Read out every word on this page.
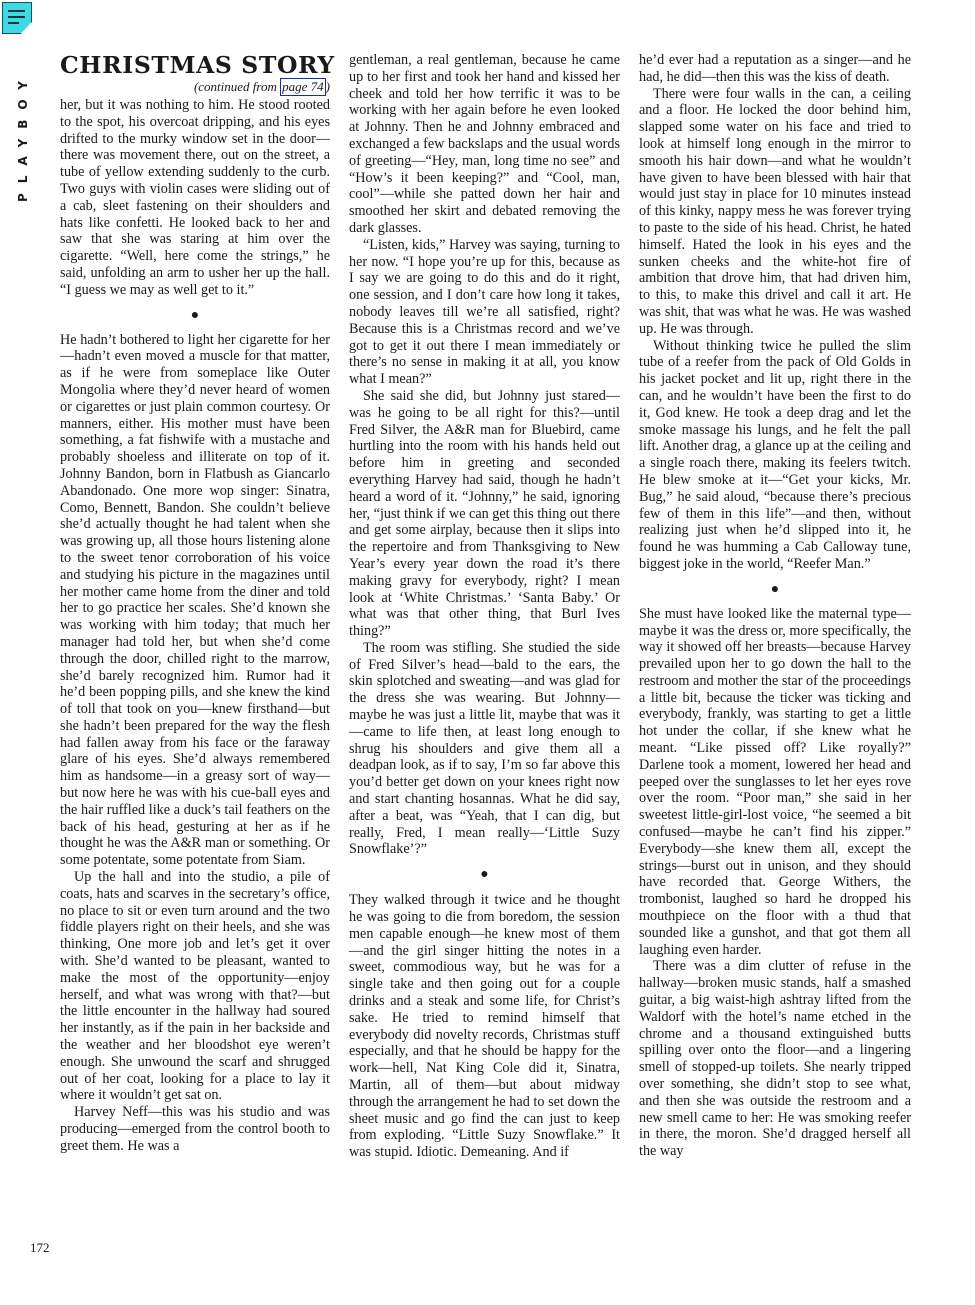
PLAYBOY
172
CHRISTMAS STORY
(continued from page 74 )

her, but it was nothing to him. He stood rooted to the spot, his overcoat dripping, and his eyes drifted to the murky window set in the door—there was movement there, out on the street, a tube of yellow extending suddenly to the curb. Two guys with violin cases were sliding out of a cab, sleet fastening on their shoulders and hats like confetti. He looked back to her and saw that she was staring at him over the cigarette. “Well, here come the strings,” he said, unfolding an arm to usher her up the hall. “I guess we may as well get to it.”

●

He hadn’t bothered to light her cigarette for her—hadn’t even moved a muscle for that matter, as if he were from someplace like Outer Mongolia where they’d never heard of women or cigarettes or just plain common courtesy. Or manners, either. His mother must have been something, a fat fishwife with a mustache and probably shoeless and illiterate on top of it. Johnny Bandon, born in Flatbush as Giancarlo Abandonado. One more wop singer: Sinatra, Como, Bennett, Bandon. She couldn’t believe she’d actually thought he had talent when she was growing up, all those hours listening alone to the sweet tenor corroboration of his voice and studying his picture in the magazines until her mother came home from the diner and told her to go practice her scales. She’d known she was working with him today; that much her manager had told her, but when she’d come through the door, chilled right to the marrow, she’d barely recognized him. Rumor had it he’d been popping pills, and she knew the kind of toll that took on you—knew firsthand—but she hadn’t been prepared for the way the flesh had fallen away from his face or the faraway glare of his eyes. She’d always remembered him as handsome—in a greasy sort of way—but now here he was with his cue-ball eyes and the hair ruffled like a duck’s tail feathers on the back of his head, gesturing at her as if he thought he was the A&R man or something. Or some potentate, some potentate from Siam.

Up the hall and into the studio, a pile of coats, hats and scarves in the secretary’s office, no place to sit or even turn around and the two fiddle players right on their heels, and she was thinking, One more job and let’s get it over with. She’d wanted to be pleasant, wanted to make the most of the opportunity—enjoy herself, and what was wrong with that?—but the little encounter in the hallway had soured her instantly, as if the pain in her backside and the weather and her bloodshot eye weren’t enough. She unwound the scarf and shrugged out of her coat, looking for a place to lay it where it wouldn’t get sat on.

Harvey Neff—this was his studio and was producing—emerged from the control booth to greet them. He was a

gentleman, a real gentleman, because he came up to her first and took her hand and kissed her cheek and told her how terrific it was to be working with her again before he even looked at Johnny. Then he and Johnny embraced and exchanged a few backslaps and the usual words of greeting—“Hey, man, long time no see” and “How’s it been keeping?” and “Cool, man, cool”—while she patted down her hair and smoothed her skirt and debated removing the dark glasses.

“Listen, kids,” Harvey was saying, turning to her now. “I hope you’re up for this, because as I say we are going to do this and do it right, one session, and I don’t care how long it takes, nobody leaves till we’re all satisfied, right? Because this is a Christmas record and we’ve got to get it out there I mean immediately or there’s no sense in making it at all, you know what I mean?”

She said she did, but Johnny just stared—was he going to be all right for this?—until Fred Silver, the A&R man for Bluebird, came hurtling into the room with his hands held out before him in greeting and seconded everything Harvey had said, though he hadn’t heard a word of it. “Johnny,” he said, ignoring her, “just think if we can get this thing out there and get some airplay, because then it slips into the repertoire and from Thanksgiving to New Year’s every year down the road it’s there making gravy for everybody, right? I mean look at ‘White Christmas.’ ‘Santa Baby.’ Or what was that other thing, that Burl Ives thing?”

The room was stifling. She studied the side of Fred Silver’s head—bald to the ears, the skin splotched and sweating—and was glad for the dress she was wearing. But Johnny—maybe he was just a little lit, maybe that was it—came to life then, at least long enough to shrug his shoulders and give them all a deadpan look, as if to say, I’m so far above this you’d better get down on your knees right now and start chanting hosannas. What he did say, after a beat, was “Yeah, that I can dig, but really, Fred, I mean really—‘Little Suzy Snowflake’?”

●

They walked through it twice and he thought he was going to die from boredom, the session men capable enough—he knew most of them—and the girl singer hitting the notes in a sweet, commodious way, but he was for a single take and then going out for a couple drinks and a steak and some life, for Christ’s sake. He tried to remind himself that everybody did novelty records, Christmas stuff especially, and that he should be happy for the work—hell, Nat King Cole did it, Sinatra, Martin, all of them—but about midway through the arrangement he had to set down the sheet music and go find the can just to keep from exploding. “Little Suzy Snowflake.” It was stupid. Idiotic. Demeaning. And if

he’d ever had a reputation as a singer—and he had, he did—then this was the kiss of death.

There were four walls in the can, a ceiling and a floor. He locked the door behind him, slapped some water on his face and tried to look at himself long enough in the mirror to smooth his hair down—and what he wouldn’t have given to have been blessed with hair that would just stay in place for 10 minutes instead of this kinky, nappy mess he was forever trying to paste to the side of his head. Christ, he hated himself. Hated the look in his eyes and the sunken cheeks and the white-hot fire of ambition that drove him, that had driven him, to this, to make this drivel and call it art. He was shit, that was what he was. He was washed up. He was through.

Without thinking twice he pulled the slim tube of a reefer from the pack of Old Golds in his jacket pocket and lit up, right there in the can, and he wouldn’t have been the first to do it, God knew. He took a deep drag and let the smoke massage his lungs, and he felt the pall lift. Another drag, a glance up at the ceiling and a single roach there, making its feelers twitch. He blew smoke at it—“Get your kicks, Mr. Bug,” he said aloud, “because there’s precious few of them in this life”—and then, without realizing just when he’d slipped into it, he found he was humming a Cab Calloway tune, biggest joke in the world, “Reefer Man.”

●

She must have looked like the maternal type—maybe it was the dress or, more specifically, the way it showed off her breasts—because Harvey prevailed upon her to go down the hall to the restroom and mother the star of the proceedings a little bit, because the ticker was ticking and everybody, frankly, was starting to get a little hot under the collar, if she knew what he meant. “Like pissed off? Like royally?” Darlene took a moment, lowered her head and peeped over the sunglasses to let her eyes rove over the room. “Poor man,” she said in her sweetest little-girl-lost voice, “he seemed a bit confused—maybe he can’t find his zipper.” Everybody—she knew them all, except the strings—burst out in unison, and they should have recorded that. George Withers, the trombonist, laughed so hard he dropped his mouthpiece on the floor with a thud that sounded like a gunshot, and that got them all laughing even harder.

There was a dim clutter of refuse in the hallway—broken music stands, half a smashed guitar, a big waist-high ashtray lifted from the Waldorf with the hotel’s name etched in the chrome and a thousand extinguished butts spilling over onto the floor—and a lingering smell of stopped-up toilets. She nearly tripped over something, she didn’t stop to see what, and then she was outside the restroom and a new smell came to her: He was smoking reefer in there, the moron. She’d dragged herself all the way
